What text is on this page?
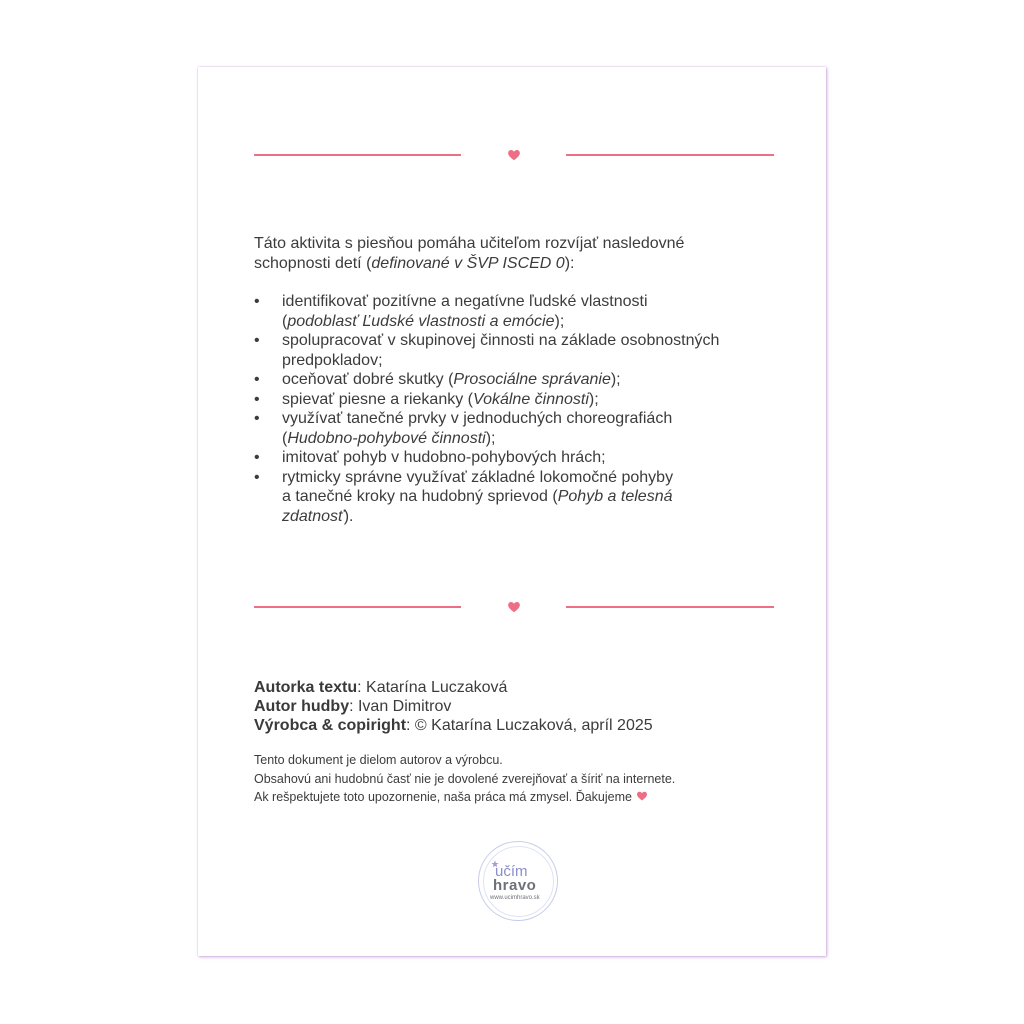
Táto aktivita s piesňou pomáha učiteľom rozvíjať nasledovné
schopnosti detí (definované v ŠVP ISCED 0):
• identifikovať pozitívne a negatívne ľudské vlastnosti
(podoblasť Ľudské vlastnosti a emócie);
• spolupracovať v skupinovej činnosti na základe osobnostných
predpokladov;
• oceňovať dobré skutky (Prosociálne správanie);
• spievať piesne a riekanky (Vokálne činnosti);
• využívať tanečné prvky v jednoduchých choreografiách
(Hudobno-pohybové činnosti);
• imitovať pohyb v hudobno-pohybových hrách;
• rytmicky správne využívať základné lokomočné pohyby
a tanečné kroky na hudobný sprievod (Pohyb a telesná
zdatnosť).
Autorka textu: Katarína Luczaková
Autor hudby: Ivan Dimitrov
Výrobca & copiright: © Katarína Luczaková, apríl 2025
Tento dokument je dielom autorov a výrobcu.
Obsahovú ani hudobnú časť nie je dovolené zverejňovať a šíriť na internete.
Ak rešpektujete toto upozornenie, naša práca má zmysel. Ďakujeme
učím
hravo
www.ucimhravo.sk
